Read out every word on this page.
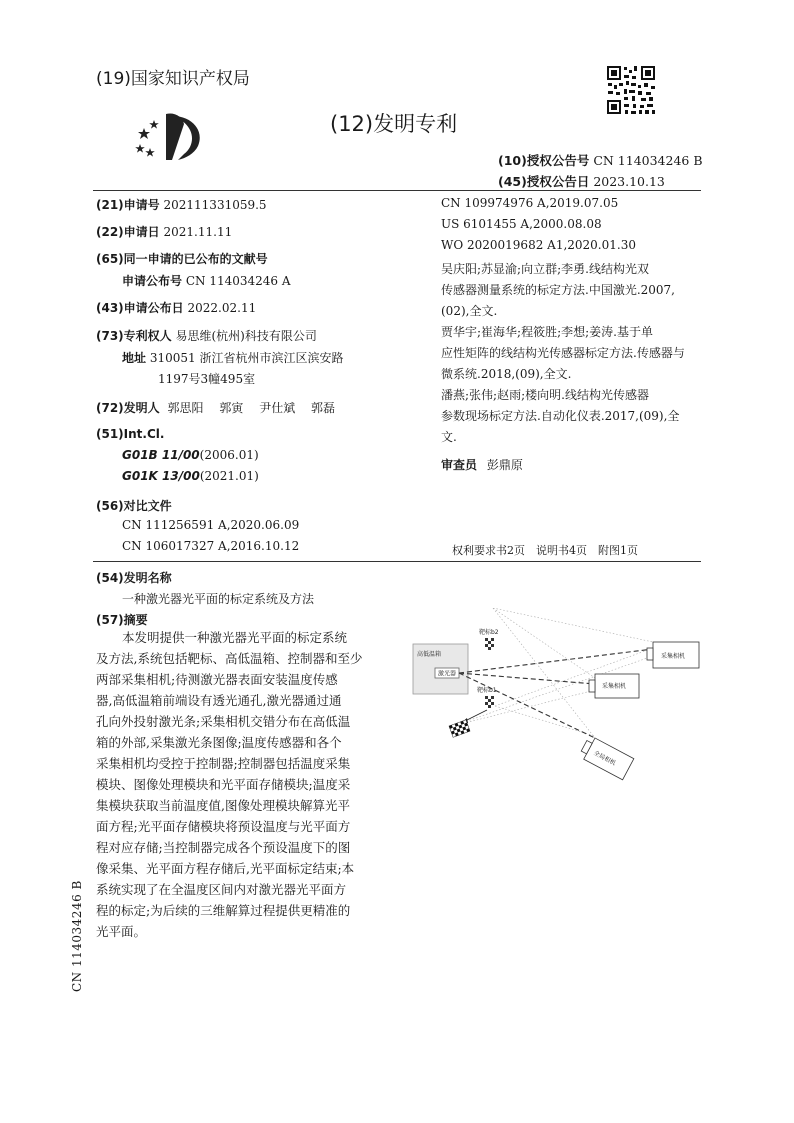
(19)国家知识产权局
(12)发明专利
(10)授权公告号 CN 114034246 B
(45)授权公告日 2023.10.13
(21)申请号 202111331059.5
(22)申请日 2021.11.11
(65)同一申请的已公布的文献号
申请公布号 CN 114034246 A
(43)申请公布日 2022.02.11
(73)专利权人 易思维(杭州)科技有限公司
地址 310051 浙江省杭州市滨江区滨安路
1197号3幢495室
(72)发明人 郭思阳 郭寅 尹仕斌 郭磊
(51)Int.Cl.
G01B 11/00(2006.01)
G01K 13/00(2021.01)
(56)对比文件
CN 111256591 A,2020.06.09
CN 106017327 A,2016.10.12
CN 109974976 A,2019.07.05
US 6101455 A,2000.08.08
WO 2020019682 A1,2020.01.30
吴庆阳;苏显渝;向立群;李勇.线结构光双
传感器测量系统的标定方法.中国激光.2007,
(02),全文.
贾华宇;崔海华;程筱胜;李想;姜涛.基于单
应性矩阵的线结构光传感器标定方法.传感器与
微系统.2018,(09),全文.
潘燕;张伟;赵雨;楼向明.线结构光传感器
参数现场标定方法.自动化仪表.2017,(09),全
文.
审查员 彭鼎原
权利要求书2页　说明书4页　附图1页
(54)发明名称
一种激光器光平面的标定系统及方法
(57)摘要
本发明提供一种激光器光平面的标定系统
及方法,系统包括靶标、高低温箱、控制器和至少
两部采集相机;待测激光器表面安装温度传感
器,高低温箱前端设有透光通孔,激光器通过通
孔向外投射激光条;采集相机交错分布在高低温
箱的外部,采集激光条图像;温度传感器和各个
采集相机均受控于控制器;控制器包括温度采集
模块、图像处理模块和光平面存储模块;温度采
集模块获取当前温度值,图像处理模块解算光平
面方程;光平面存储模块将预设温度与光平面方
程对应存储;当控制器完成各个预设温度下的图
像采集、光平面方程存储后,光平面标定结束;本
系统实现了在全温度区间内对激光器光平面方
程的标定;为后续的三维解算过程提供更精准的
光平面。
高低温箱
激光器
靶标b2
靶标b1
采集相机
采集相机
全局相机
CN 114034246 B
